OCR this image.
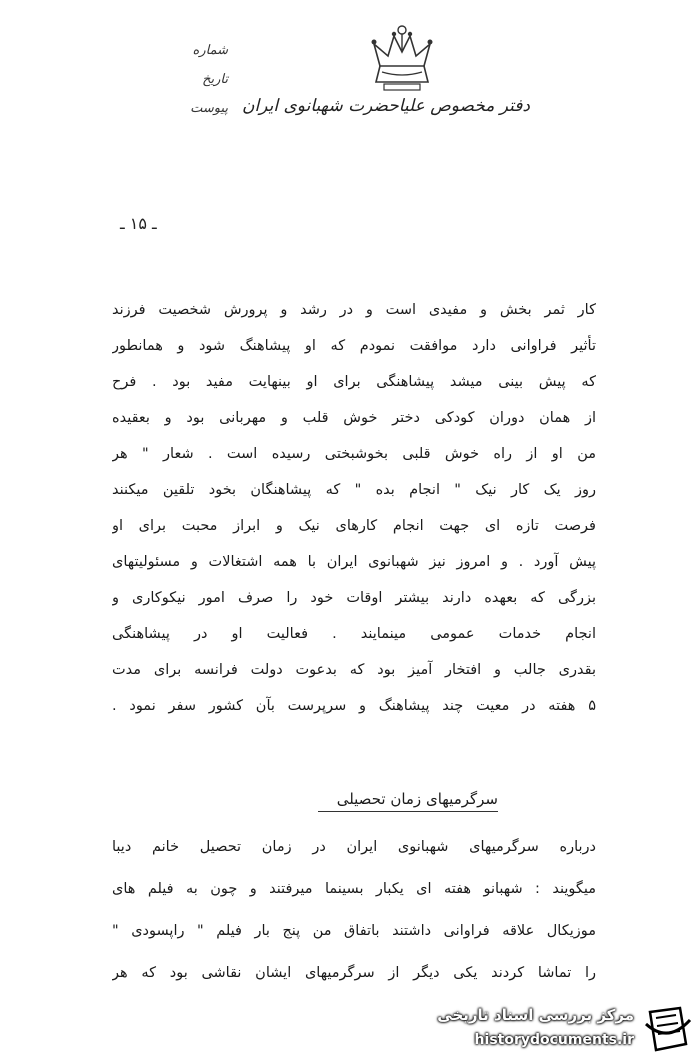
دفتر مخصوص علیاحضرت شهبانوی ایران
شماره
تاریخ
پیوست
ـ ۱۵ ـ
کار ثمر بخش و مفیدی است و در رشد و پرورش شخصیت فرزند
تأثیر فراوانی دارد موافقت نمودم که او پیشاهنگ شود و همانطور
که پیش بینی میشد پیشاهنگی برای او بینهایت مفید بود . فرح
از همان دوران کودکی دختر خوش قلب و مهربانی بود و بعقیده
من او از راه خوش قلبی بخوشبختی رسیده است . شعار " هر
روز یک کار نیک " انجام بده " که پیشاهنگان بخود تلقین میکنند
فرصت تازه ای جهت انجام کارهای نیک و ابراز محبت برای او
پیش آورد . و امروز نیز شهبانوی ایران با همه اشتغالات و مسئولیتهای
بزرگی که بعهده دارند بیشتر اوقات خود را صرف امور نیکوکاری و
انجام خدمات عمومی مینمایند . فعالیت او در پیشاهنگی
بقدری جالب و افتخار آمیز بود که بدعوت دولت فرانسه برای مدت
۵ هفته در معیت چند پیشاهنگ و سرپرست بآن کشور سفر نمود .
سرگرمیهای زمان تحصیلی
درباره سرگرمیهای شهبانوی ایران در زمان تحصیل خانم دیبا
میگویند : شهبانو هفته ای یکبار بسینما میرفتند و چون به فیلم های
موزیکال علاقه فراوانی داشتند باتفاق من پنج بار فیلم " راپسودی "
را تماشا کردند یکی دیگر از سرگرمیهای ایشان نقاشی بود که هر
مرکز بررسی اسناد تاریخی
historydocuments.ir
